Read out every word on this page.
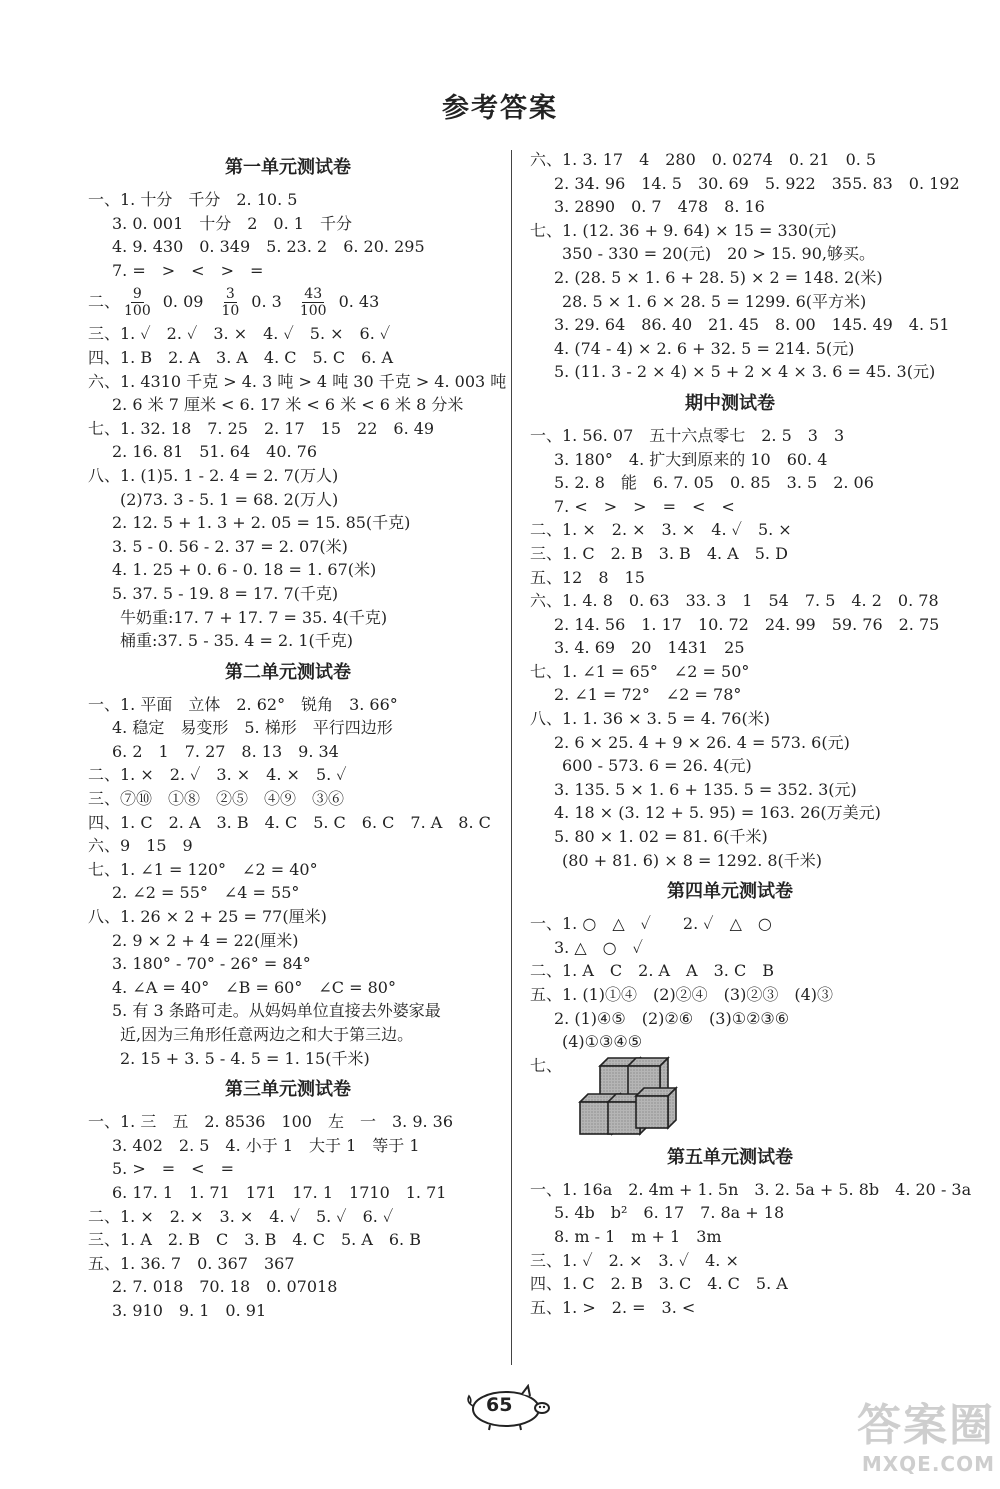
参考答案
第一单元测试卷
一、1. 十分　千分　2. 10. 5
3. 0. 001　十分　2　0. 1　千分
4. 9. 430　0. 349　5. 23. 2　6. 20. 295
7. =　>　<　>　=
二、 $\frac{9}{100} 0$. $09 \frac{3}{10} 0$. $3 \frac{43}{100} 0$. 43
三、1. ✓　2. ✓　3. ×　4. ✓　5. ×　6. ✓
四、1. B　2. A　3. A　4. C　5. C　6. A
六、1. 4310 千克 > 4. 3 吨 > 4 吨 30 千克 > 4. 003 吨
2. 6 米 7 厘米 < 6. 17 米 < 6 米 < 6 米 8 分米
七、1. 32. 18　7. 25　2. 17　15　22　6. 49
2. 16. 81　51. 64　40. 76
八、1. (1)5. 1 - 2. 4 = 2. 7(万人)
(2)73. 3 - 5. 1 = 68. 2(万人)
2. 12. 5 + 1. 3 + 2. 05 = 15. 85(千克)
3. 5 - 0. 56 - 2. 37 = 2. 07(米)
4. 1. 25 + 0. 6 - 0. 18 = 1. 67(米)
5. 37. 5 - 19. 8 = 17. 7(千克)
牛奶重:17. 7 + 17. 7 = 35. 4(千克)
桶重:37. 5 - 35. 4 = 2. 1(千克)
第二单元测试卷
一、1. 平面　立体　2. 62°　锐角　3. 66°
4. 稳定　易变形　5. 梯形　平行四边形
6. 2　1　7. 27　8. 13　9. 34
二、1. ×　2. ✓　3. ×　4. ×　5. ✓
三、⑦⑩　①⑧　②⑤　④⑨　③⑥
四、1. C　2. A　3. B　4. C　5. C　6. C　7. A　8. C
六、9　15　9
七、1. ∠1 = 120°　∠2 = 40°
2. ∠2 = 55°　∠4 = 55°
八、1. 26 × 2 + 25 = 77(厘米)
2. 9 × 2 + 4 = 22(厘米)
3. 180° - 70° - 26° = 84°
4. ∠A = 40°　∠B = 60°　∠C = 80°
5. 有 3 条路可走。从妈妈单位直接去外婆家最
近,因为三角形任意两边之和大于第三边。
2. 15 + 3. 5 - 4. 5 = 1. 15(千米)
第三单元测试卷
一、1. 三　五　2. 8536　100　左　一　3. 9. 36
3. 402　2. 5　4. 小于 1　大于 1　等于 1
5. >　=　<　=
6. 17. 1　1. 71　171　17. 1　1710　1. 71
二、1. ×　2. ×　3. ×　4. ✓　5. ✓　6. ✓
三、1. A　2. B　C　3. B　4. C　5. A　6. B
五、1. 36. 7　0. 367　367
2. 7. 018　70. 18　0. 07018
3. 910　9. 1　0. 91
六、1. 3. 17　4　280　0. 0274　0. 21　0. 5
2. 34. 96　14. 5　30. 69　5. 922　355. 83　0. 192
3. 2890　0. 7　478　8. 16
七、1. (12. 36 + 9. 64) × 15 = 330(元)
350 - 330 = 20(元)　20 > 15. 90,够买。
2. (28. 5 × 1. 6 + 28. 5) × 2 = 148. 2(米)
28. 5 × 1. 6 × 28. 5 = 1299. 6(平方米)
3. 29. 64　86. 40　21. 45　8. 00　145. 49　4. 51
4. (74 - 4) × 2. 6 + 32. 5 = 214. 5(元)
5. (11. 3 - 2 × 4) × 5 + 2 × 4 × 3. 6 = 45. 3(元)
期中测试卷
一、1. 56. 07　五十六点零七　2. 5　3　3
3. 180°　4. 扩大到原来的 10　60. 4
5. 2. 8　能　6. 7. 05　0. 85　3. 5　2. 06
7. <　>　>　=　<　<
二、1. ×　2. ×　3. ×　4. ✓　5. ×
三、1. C　2. B　3. B　4. A　5. D
五、12　8　15
六、1. 4. 8　0. 63　33. 3　1　54　7. 5　4. 2　0. 78
2. 14. 56　1. 17　10. 72　24. 99　59. 76　2. 75
3. 4. 69　20　1431　25
七、1. ∠1 = 65°　∠2 = 50°
2. ∠1 = 72°　∠2 = 78°
八、1. 1. 36 × 3. 5 = 4. 76(米)
2. 6 × 25. 4 + 9 × 26. 4 = 573. 6(元)
600 - 573. 6 = 26. 4(元)
3. 135. 5 × 1. 6 + 135. 5 = 352. 3(元)
4. 18 × (3. 12 + 5. 95) = 163. 26(万美元)
5. 80 × 1. 02 = 81. 6(千米)
(80 + 81. 6) × 8 = 1292. 8(千米)
第四单元测试卷
一、1. ○　△　✓　　2. ✓　△　○
3. △　○　✓
二、1. A　C　2. A　A　3. C　B
五、1. (1)①④　(2)②④　(3)②③　(4)③
2. (1)④⑤　(2)②⑥　(3)①②③⑥
(4)①③④⑤
七、
第五单元测试卷
一、1. 16a　2. 4m + 1. 5n　3. 2. 5a + 5. 8b　4. 20 - 3a
5. 4b　b²　6. 17　7. 8a + 18
8. m - 1　m + 1　3m
三、1. ✓　2. ×　3. ✓　4. ×
四、1. C　2. B　3. C　4. C　5. A
五、1. >　2. =　3. <
65	答案圈
MXQE.COM
